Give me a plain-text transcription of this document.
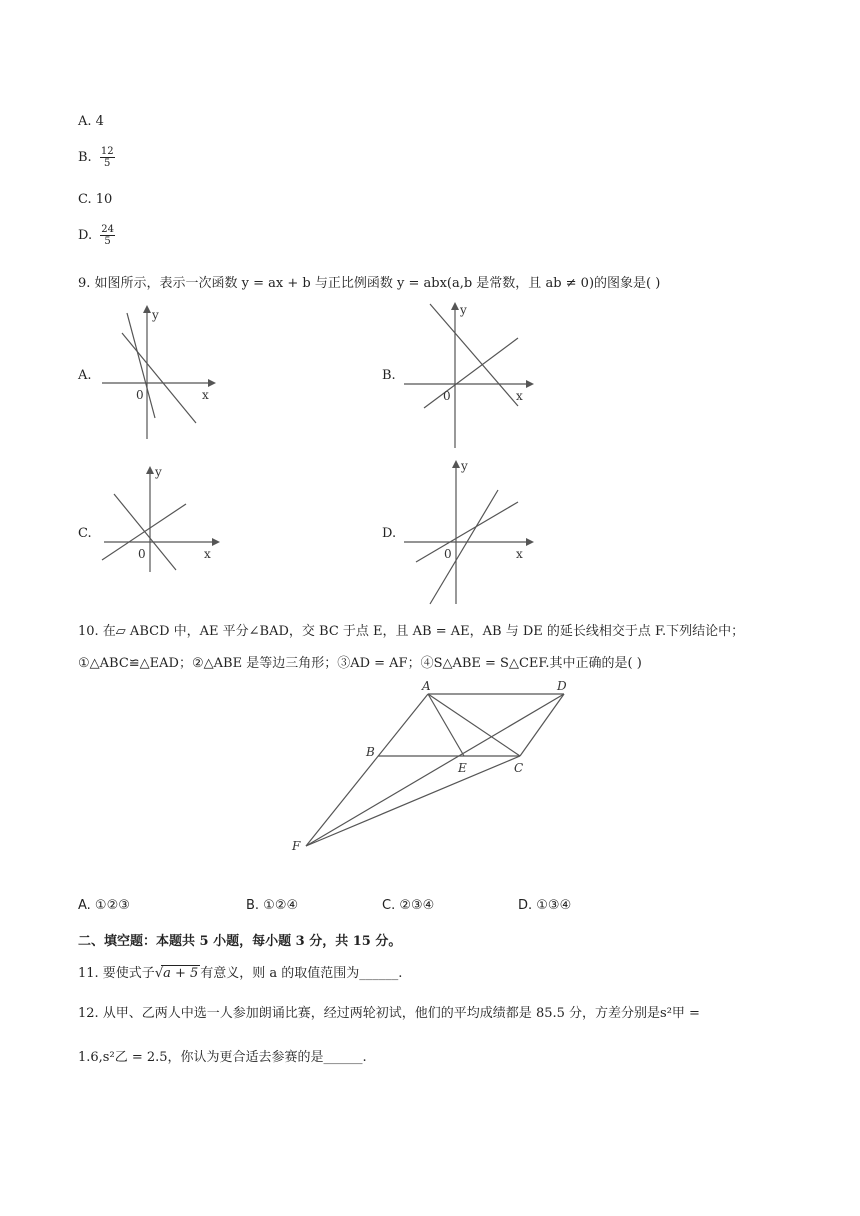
A. 4
B. $\frac{12}{5}$
C. 10
D. $\frac{24}{5}$
9. 如图所示，表示一次函数 y = ax + b 与正比例函数 y = abx(a,b 是常数，且 ab ≠ 0)的图象是( )
A.
y
x
0
B.
y
x
0
C.
y
x
0
D.
y
x
0
10. 在▱ ABCD 中，AE 平分∠BAD，交 BC 于点 E，且 AB = AE，AB 与 DE 的延长线相交于点 F.下列结论中；
①△ABC≌△EAD；②△ABE 是等边三角形；③AD = AF；④S△ABE = S△CEF.其中正确的是( )
A	D
B
E	C
F
A. ①②③	B. ①②④	C. ②③④	D. ①③④
二、填空题：本题共 5 小题，每小题 3 分，共 15 分。
11. 要使式子√a + 5 有意义，则 a 的取值范围为______.
12. 从甲、乙两人中选一人参加朗诵比赛，经过两轮初试，他们的平均成绩都是 85.5 分，方差分别是s²甲 =
1.6,s²乙 = 2.5，你认为更合适去参赛的是______.
